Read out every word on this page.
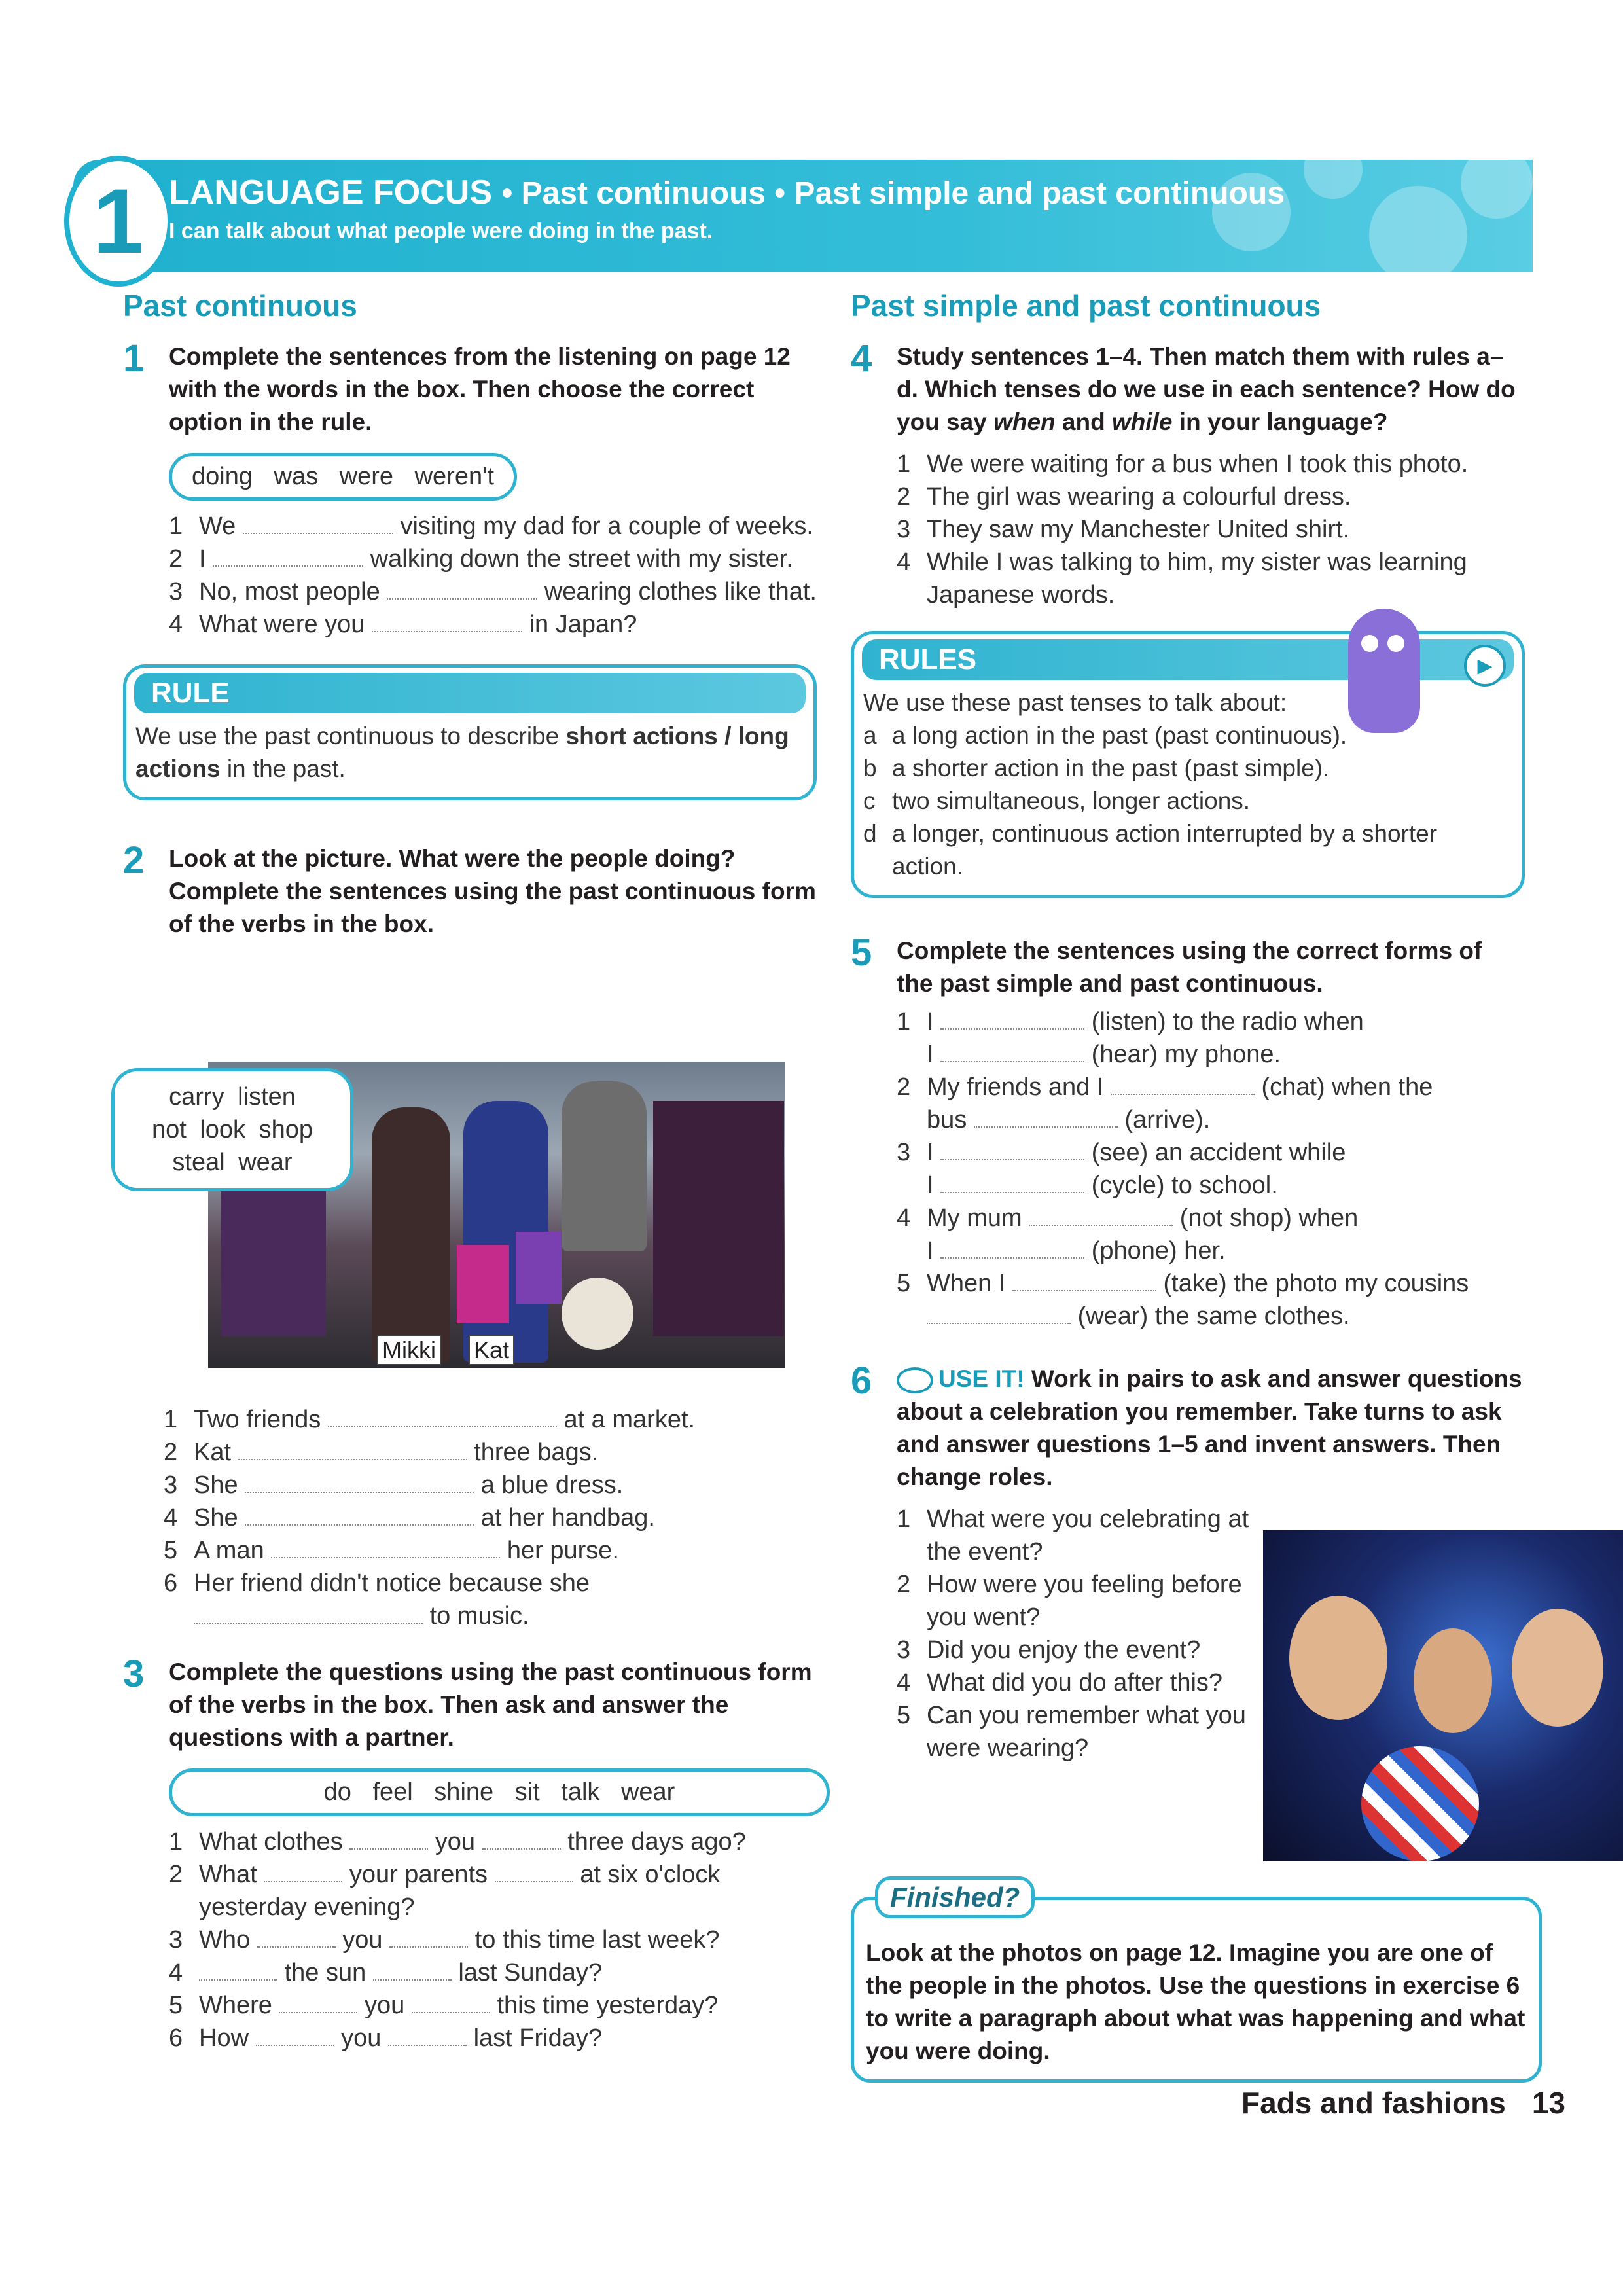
1 LANGUAGE FOCUS • Past continuous • Past simple and past continuous
I can talk about what people were doing in the past.
Past continuous
1 Complete the sentences from the listening on page 12 with the words in the box. Then choose the correct option in the rule.

doing was were weren't
1 We	visiting my dad for a couple of weeks.
2 I	walking down the street with my sister.
3 No, most people	wearing clothes like that.
4 What were you	in Japan?
RULE
We use the past continuous to describe short actions / long actions in the past.
2 Look at the picture. What were the people doing? Complete the sentences using the past continuous form of the verbs in the box.

carry listen
not look shop
steal wear
Mikki Kat
1 Two friends	at a market.
2 Kat	three bags.
3 She	a blue dress.
4 She	at her handbag.
5 A man	her purse.
6 Her friend didn't notice because she
to music.
3 Complete the questions using the past continuous form of the verbs in the box. Then ask and answer the questions with a partner.

do feel shine sit talk wear
1 What clothes	you	three days ago?
2 What	your parents	at six o'clock yesterday evening?
3 Who	you	to this time last week?
4	the sun	last Sunday?
5 Where	you	this time yesterday?
6 How	you	last Friday?
Past simple and past continuous
4 Study sentences 1–4. Then match them with rules a–d. Which tenses do we use in each sentence? How do you say when and while in your language?

1 We were waiting for a bus when I took this photo.
2 The girl was wearing a colourful dress.
3 They saw my Manchester United shirt.
4 While I was talking to him, my sister was learning Japanese words.
RULES	▶
We use these past tenses to talk about:
a a long action in the past (past continuous).
b a shorter action in the past (past simple).
c two simultaneous, longer actions.
d a longer, continuous action interrupted by a shorter action.
5 Complete the sentences using the correct forms of the past simple and past continuous.

1 I	(listen) to the radio when
I	(hear) my phone.
2 My friends and I	(chat) when the
bus	(arrive).
3 I	(see) an accident while
I	(cycle) to school.
4 My mum	(not shop) when
I	(phone) her.
5 When I	(take) the photo my cousins
(wear) the same clothes.
6	USE IT! Work in pairs to ask and answer questions about a celebration you remember. Take turns to ask and answer questions 1–5 and invent answers. Then change roles.

1 What were you celebrating at the event?
2 How were you feeling before you went?
3 Did you enjoy the event?
4 What did you do after this?
5 Can you remember what you were wearing?
Finished?
Look at the photos on page 12. Imagine you are one of the people in the photos. Use the questions in exercise 6 to write a paragraph about what was happening and what you were doing.
Fads and fashions 13
